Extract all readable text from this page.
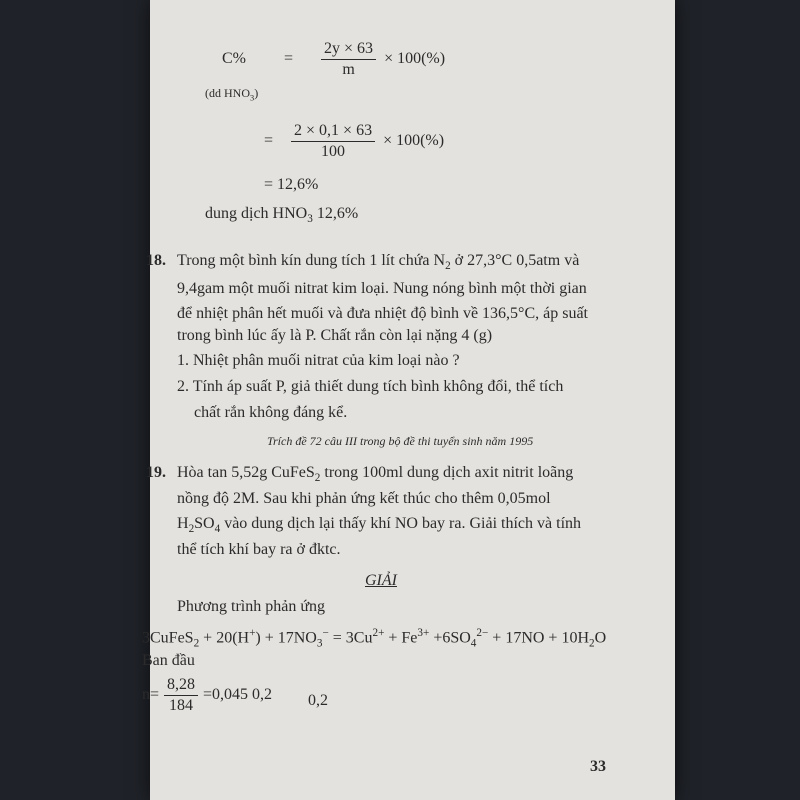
$C\% = \frac{2y \times 63}{m} \times 100(\%)$
(dd $HNO_3$)
= $\frac{2 \times 0,1 \times 63}{100} \times 100(\%)$
= 12,6%
dung dịch $HNO_3$ 12,6%
18. Trong một bình kín dung tích 1 lít chứa $N_2$ ở 27,3°C 0,5atm và
9,4gam một muối nitrat kim loại. Nung nóng bình một thời gian
để nhiệt phân hết muối và đưa nhiệt độ bình về 136,5°C, áp suất
trong bình lúc ấy là P. Chất rắn còn lại nặng 4 (g)
1. Nhiệt phân muối nitrat của kim loại nào ?
2. Tính áp suất P, giả thiết dung tích bình không đổi, thể tích
chất rắn không đáng kể.
Trích đề 72 câu III trong bộ đề thi tuyển sinh năm 1995
19. Hòa tan 5,52g CuFeS$_2$ trong 100ml dung dịch axit nitrit loãng
nồng độ 2M. Sau khi phản ứng kết thúc cho thêm 0,05mol
$H_2SO_4$ vào dung dịch lại thấy khí NO bay ra. Giải thích và tính
thể tích khí bay ra ở đktc.
GIẢI
Phương trình phản ứng
3CuFeS$_2$ + $20(H^+) + 17NO_3^- = 3Cu^{2+} + Fe^{3+} +6SO_4^{2-} + 17NO + 10H_2O$
Ban đầu
$n= \frac{8,28}{184} =0,045$ 0,2 0,2
33
